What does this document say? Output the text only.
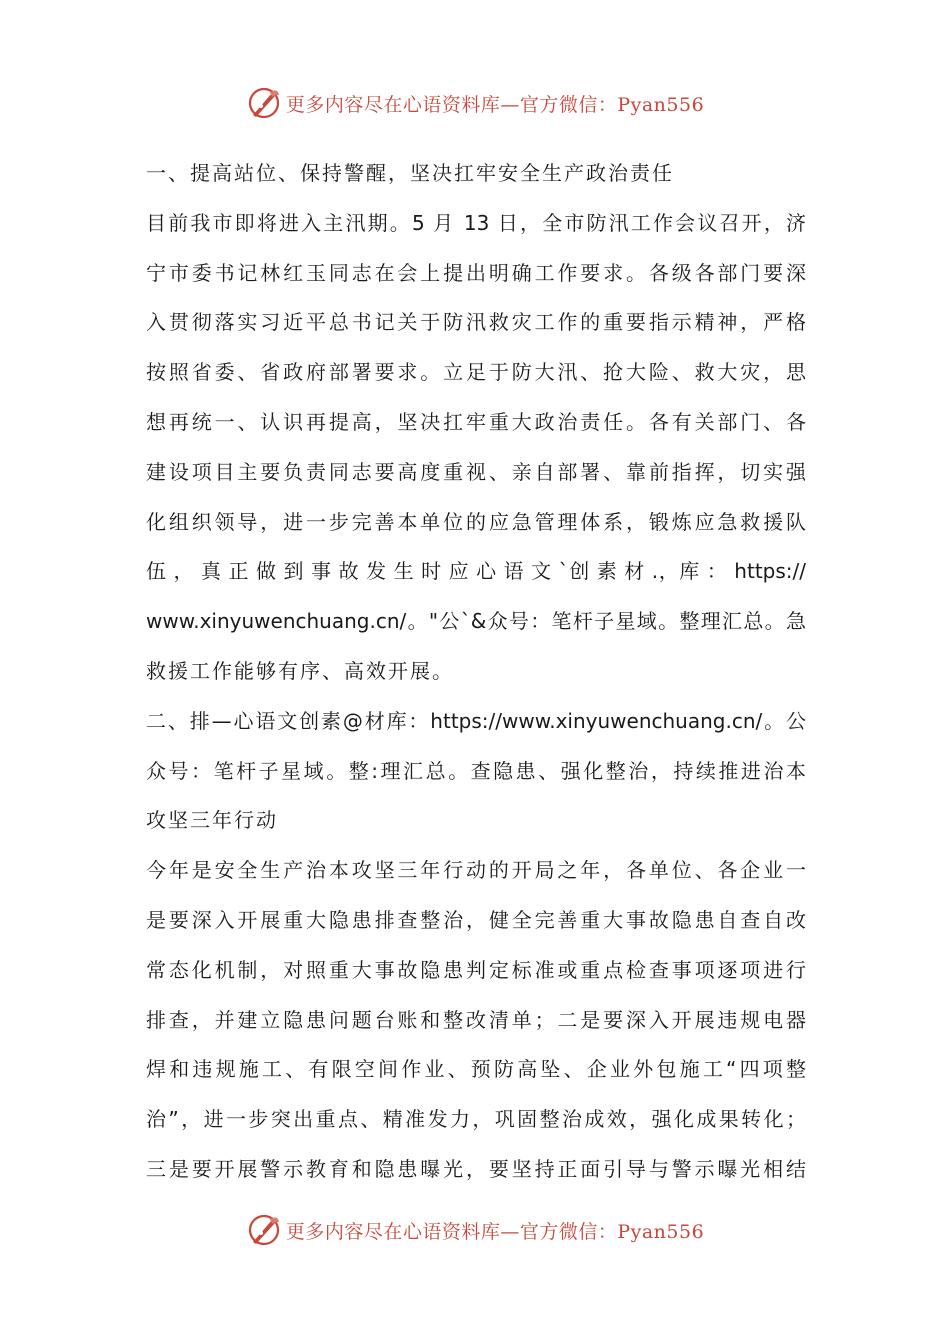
更多内容尽在心语资料库—官方微信：Pyan556
一、提高站位、保持警醒，坚决扛牢安全生产政治责任
目前我市即将进入主汛期。5 月 13 日，全市防汛工作会议召开，济
宁市委书记林红玉同志在会上提出明确工作要求。各级各部门要深
入贯彻落实习近平总书记关于防汛救灾工作的重要指示精神，严格
按照省委、省政府部署要求。立足于防大汛、抢大险、救大灾，思
想再统一、认识再提高，坚决扛牢重大政治责任。各有关部门、各
建设项目主要负责同志要高度重视、亲自部署、靠前指挥，切实强
化组织领导，进一步完善本单位的应急管理体系，锻炼应急救援队
伍 ， 真 正 做 到 事 故 发 生 时 应 心 语 文 `创 素 材 .，库 ： https://
www.xinyuwenchuang.cn/。"公`&众号：笔杆子星域。整理汇总。急
救援工作能够有序、高效开展。
二、排—心语文创素@材库：https://www.xinyuwenchuang.cn/。公
众号：笔杆子星域。整:理汇总。查隐患、强化整治，持续推进治本
攻坚三年行动
今年是安全生产治本攻坚三年行动的开局之年，各单位、各企业一
是要深入开展重大隐患排查整治，健全完善重大事故隐患自查自改
常态化机制，对照重大事故隐患判定标准或重点检查事项逐项进行
排查，并建立隐患问题台账和整改清单；二是要深入开展违规电器
焊和违规施工、有限空间作业、预防高坠、企业外包施工“四项整
治”，进一步突出重点、精准发力，巩固整治成效，强化成果转化；
三是要开展警示教育和隐患曝光，要坚持正面引导与警示曝光相结
更多内容尽在心语资料库—官方微信：Pyan556
